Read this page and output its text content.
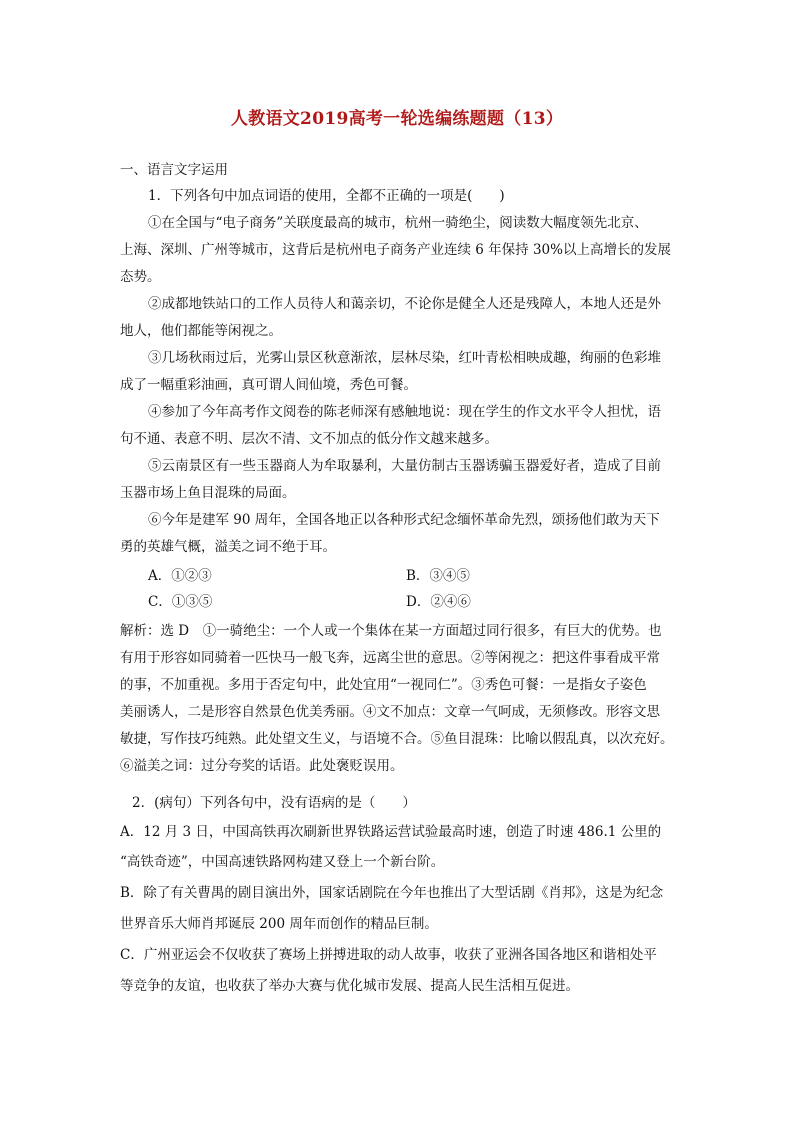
人教语文2019高考一轮选编练题题（13）
一、语言文字运用
1．下列各句中加点词语的使用，全都不正确的一项是(　　)
①在全国与“电子商务”关联度最高的城市，杭州一骑绝尘，阅读数大幅度领先北京、
上海、深圳、广州等城市，这背后是杭州电子商务产业连续 6 年保持 30%以上高增长的发展
态势。
②成都地铁站口的工作人员待人和蔼亲切，不论你是健全人还是残障人，本地人还是外
地人，他们都能等闲视之。
③几场秋雨过后，光雾山景区秋意渐浓，层林尽染，红叶青松相映成趣，绚丽的色彩堆
成了一幅重彩油画，真可谓人间仙境，秀色可餐。
④参加了今年高考作文阅卷的陈老师深有感触地说：现在学生的作文水平令人担忧，语
句不通、表意不明、层次不清、文不加点的低分作文越来越多。
⑤云南景区有一些玉器商人为牟取暴利，大量仿制古玉器诱骗玉器爱好者，造成了目前
玉器市场上鱼目混珠的局面。
⑥今年是建军 90 周年，全国各地正以各种形式纪念缅怀革命先烈，颂扬他们敢为天下
勇的英雄气概，溢美之词不绝于耳。
A．①②③	B．③④⑤
C．①③⑤	D．②④⑥
解析：选 D　①一骑绝尘：一个人或一个集体在某一方面超过同行很多，有巨大的优势。也
有用于形容如同骑着一匹快马一般飞奔，远离尘世的意思。②等闲视之：把这件事看成平常
的事，不加重视。多用于否定句中，此处宜用“一视同仁”。③秀色可餐：一是指女子姿色
美丽诱人，二是形容自然景色优美秀丽。④文不加点：文章一气呵成，无须修改。形容文思
敏捷，写作技巧纯熟。此处望文生义，与语境不合。⑤鱼目混珠：比喻以假乱真，以次充好。
⑥溢美之词：过分夸奖的话语。此处褒贬误用。
2．(病句）下列各句中，没有语病的是（　　）
A．12 月 3 日，中国高铁再次刷新世界铁路运营试验最高时速，创造了时速 486.1 公里的
“高铁奇迹”，中国高速铁路网构建又登上一个新台阶。
B．除了有关曹禺的剧目演出外，国家话剧院在今年也推出了大型话剧《肖邦》，这是为纪念
世界音乐大师肖邦诞辰 200 周年而创作的精品巨制。
C．广州亚运会不仅收获了赛场上拼搏进取的动人故事，收获了亚洲各国各地区和谐相处平
等竞争的友谊，也收获了举办大赛与优化城市发展、提高人民生活相互促进。
